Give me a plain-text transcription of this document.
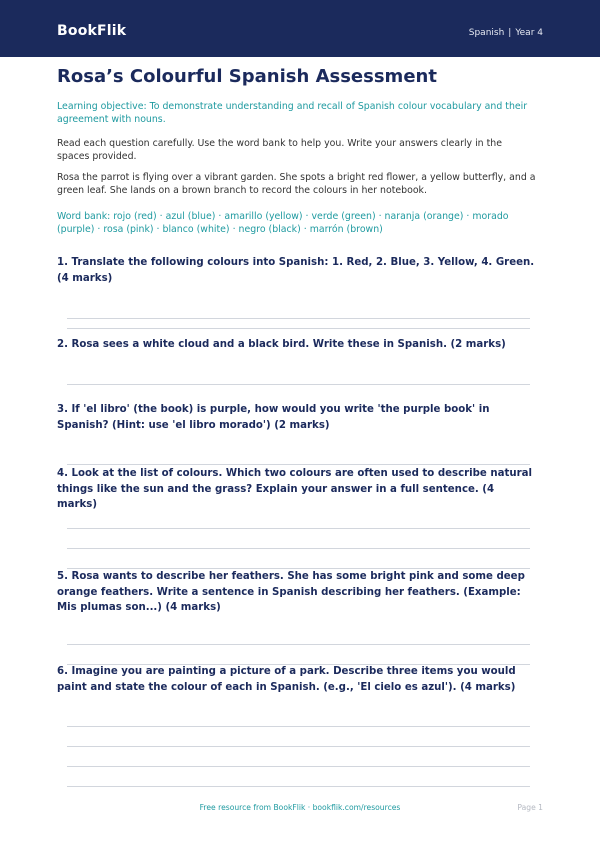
BookFlik	Spanish | Year 4
Rosa’s Colourful Spanish Assessment

Learning objective: To demonstrate understanding and recall of Spanish colour vocabulary and their agreement with nouns.

Read each question carefully. Use the word bank to help you. Write your answers clearly in the spaces provided.

Rosa the parrot is flying over a vibrant garden. She spots a bright red flower, a yellow butterfly, and a green leaf. She lands on a brown branch to record the colours in her notebook.

Word bank: rojo (red) · azul (blue) · amarillo (yellow) · verde (green) · naranja (orange) · morado (purple) · rosa (pink) · blanco (white) · negro (black) · marrón (brown)

1. Translate the following colours into Spanish: 1. Red, 2. Blue, 3. Yellow, 4. Green. (4 marks)

2. Rosa sees a white cloud and a black bird. Write these in Spanish. (2 marks)

3. If 'el libro' (the book) is purple, how would you write 'the purple book' in Spanish? (Hint: use 'el libro morado') (2 marks)

4. Look at the list of colours. Which two colours are often used to describe natural things like the sun and the grass? Explain your answer in a full sentence. (4 marks)

5. Rosa wants to describe her feathers. She has some bright pink and some deep orange feathers. Write a sentence in Spanish describing her feathers. (Example: Mis plumas son...) (4 marks)

6. Imagine you are painting a picture of a park. Describe three items you would paint and state the colour of each in Spanish. (e.g., 'El cielo es azul'). (4 marks)

Free resource from BookFlik · bookflik.com/resources	Page 1
